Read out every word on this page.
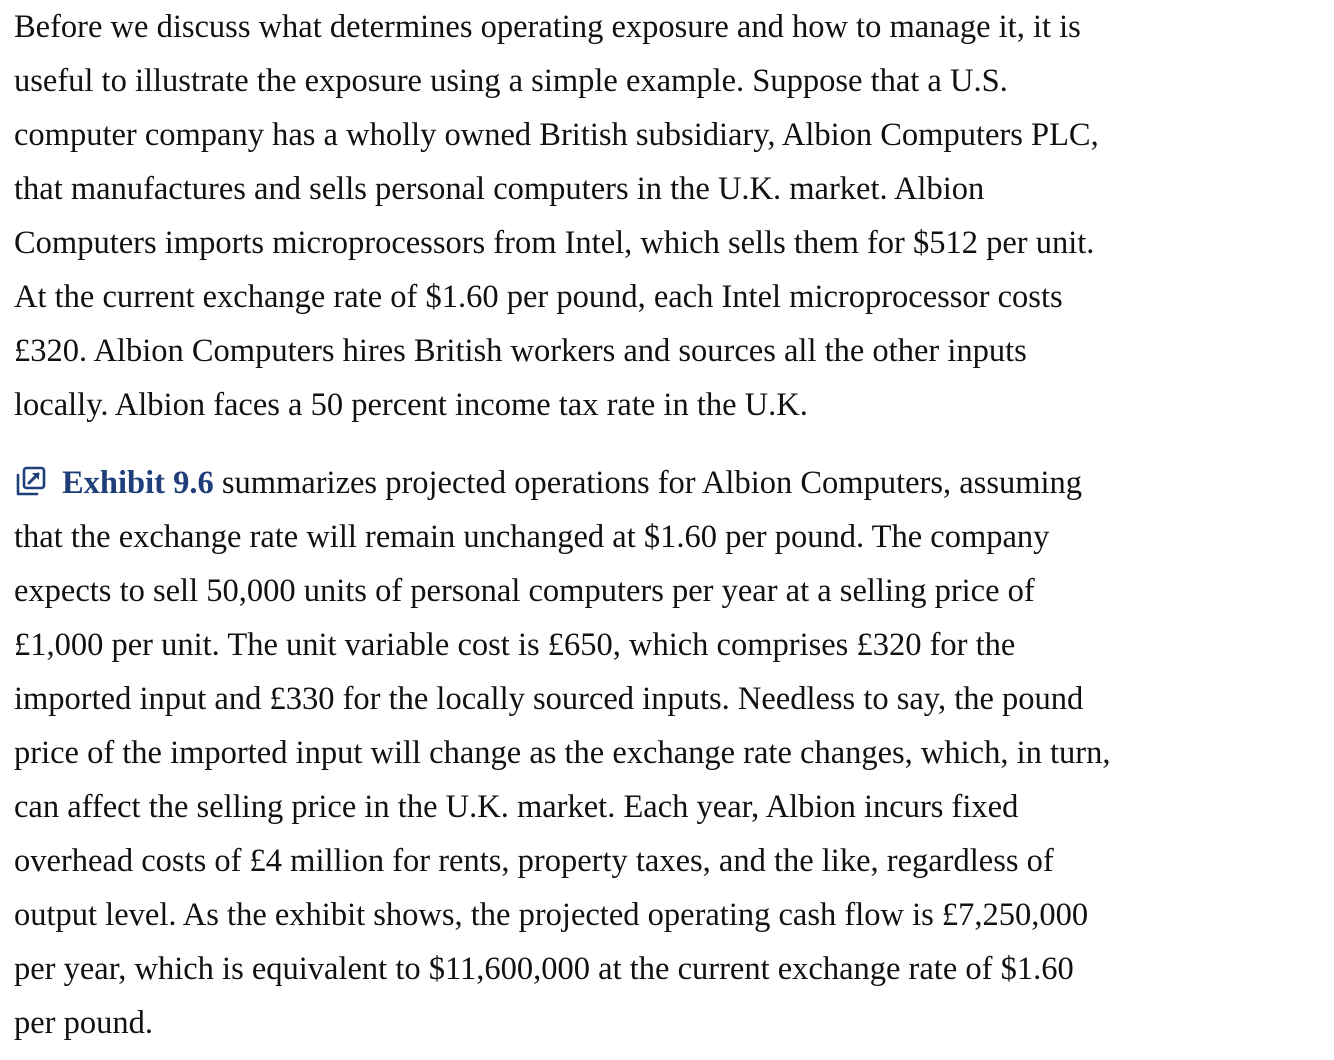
Before we discuss what determines operating exposure and how to manage it, it is
useful to illustrate the exposure using a simple example. Suppose that a U.S.
computer company has a wholly owned British subsidiary, Albion Computers PLC,
that manufactures and sells personal computers in the U.K. market. Albion
Computers imports microprocessors from Intel, which sells them for $512 per unit.
At the current exchange rate of $1.60 per pound, each Intel microprocessor costs
£320. Albion Computers hires British workers and sources all the other inputs
locally. Albion faces a 50 percent income tax rate in the U.K.

Exhibit 9.6 summarizes projected operations for Albion Computers, assuming
that the exchange rate will remain unchanged at $1.60 per pound. The company
expects to sell 50,000 units of personal computers per year at a selling price of
£1,000 per unit. The unit variable cost is £650, which comprises £320 for the
imported input and £330 for the locally sourced inputs. Needless to say, the pound
price of the imported input will change as the exchange rate changes, which, in turn,
can affect the selling price in the U.K. market. Each year, Albion incurs fixed
overhead costs of £4 million for rents, property taxes, and the like, regardless of
output level. As the exhibit shows, the projected operating cash flow is £7,250,000
per year, which is equivalent to $11,600,000 at the current exchange rate of $1.60
per pound.
